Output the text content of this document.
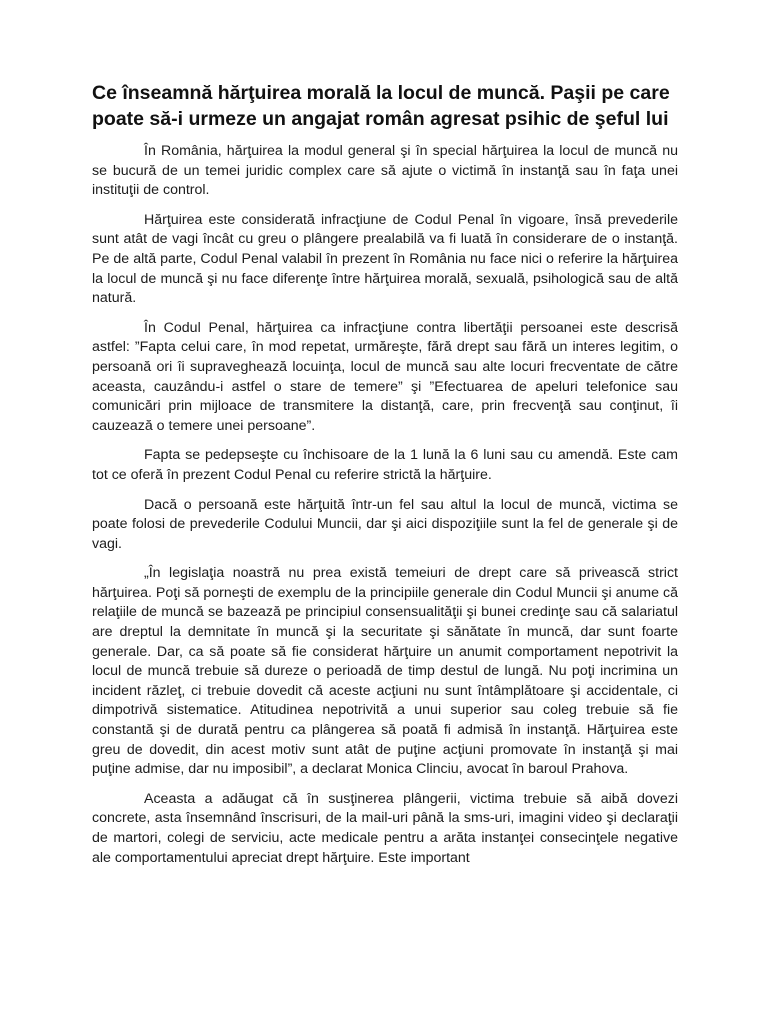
Ce înseamnă hărţuirea morală la locul de muncă. Paşii pe care poate să-i urmeze un angajat român agresat psihic de şeful lui

În România, hărţuirea la modul general şi în special hărţuirea la locul de muncă nu se bucură de un temei juridic complex care să ajute o victimă în instanţă sau în faţa unei instituţii de control.

Hărţuirea este considerată infracţiune de Codul Penal în vigoare, însă prevederile sunt atât de vagi încât cu greu o plângere prealabilă va fi luată în considerare de o instanţă. Pe de altă parte, Codul Penal valabil în prezent în România nu face nici o referire la hărţuirea la locul de muncă şi nu face diferenţe între hărţuirea morală, sexuală, psihologică sau de altă natură.

În Codul Penal, hărţuirea ca infracţiune contra libertăţii persoanei este descrisă astfel: ”Fapta celui care, în mod repetat, urmăreşte, fără drept sau fără un interes legitim, o persoană ori îi supraveghează locuinţa, locul de muncă sau alte locuri frecventate de către aceasta, cauzându-i astfel o stare de temere” şi ”Efectuarea de apeluri telefonice sau comunicări prin mijloace de transmitere la distanţă, care, prin frecvenţă sau conţinut, îi cauzează o temere unei persoane”.

Fapta se pedepseşte cu închisoare de la 1 lună la 6 luni sau cu amendă. Este cam tot ce oferă în prezent Codul Penal cu referire strictă la hărţuire.

Dacă o persoană este hărţuită într-un fel sau altul la locul de muncă, victima se poate folosi de prevederile Codului Muncii, dar şi aici dispoziţiile sunt la fel de generale şi de vagi.

„În legislaţia noastră nu prea există temeiuri de drept care să privească strict hărţuirea. Poţi să porneşti de exemplu de la principiile generale din Codul Muncii şi anume că relaţiile de muncă se bazează pe principiul consensualităţii şi bunei credinţe sau că salariatul are dreptul la demnitate în muncă şi la securitate şi sănătate în muncă, dar sunt foarte generale. Dar, ca să poate să fie considerat hărţuire un anumit comportament nepotrivit la locul de muncă trebuie să dureze o perioadă de timp destul de lungă. Nu poţi incrimina un incident răzleţ, ci trebuie dovedit că aceste acţiuni nu sunt întâmplătoare şi accidentale, ci dimpotrivă sistematice. Atitudinea nepotrivită a unui superior sau coleg trebuie să fie constantă şi de durată pentru ca plângerea să poată fi admisă în instanţă. Hărţuirea este greu de dovedit, din acest motiv sunt atât de puţine acţiuni promovate în instanţă şi mai puţine admise, dar nu imposibil”, a declarat Monica Clinciu, avocat în baroul Prahova.

Aceasta a adăugat că în susţinerea plângerii, victima trebuie să aibă dovezi concrete, asta însemnând înscrisuri, de la mail-uri până la sms-uri, imagini video şi declaraţii de martori, colegi de serviciu, acte medicale pentru a arăta instanţei consecinţele negative ale comportamentului apreciat drept hărţuire. Este important
